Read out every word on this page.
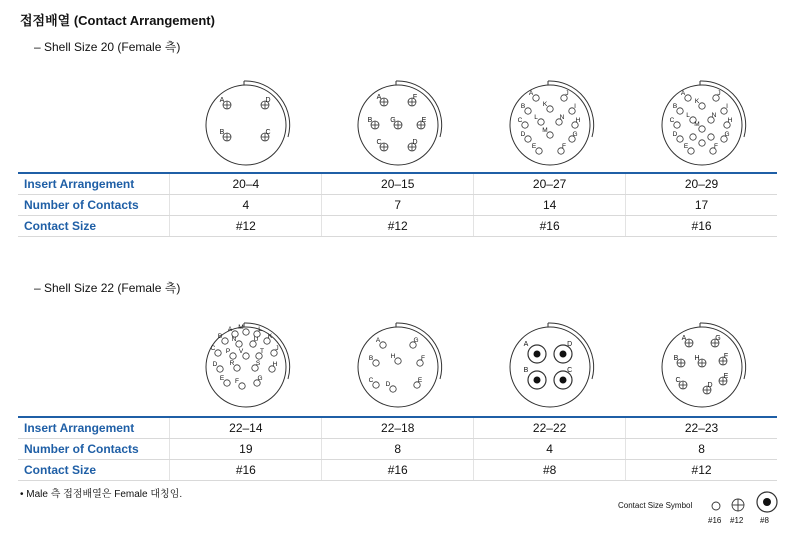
접점배열 (Contact Arrangement)
– Shell Size 20 (Female 측)
A	D
B	C
A	F
B	G	E
C	D
A	J
B	K	I
C L	N H
M
D	G
E	F
A	J
K
B	I
C
L	N
H
M
D	G
E	F
Insert Arrangement	20–4	20–15	20–27	20–29
Number of Contacts	4	7	14	17
Contact Size	#12	#12	#16	#16
– Shell Size 22 (Female 측)
A M L
B N	U K
C P V	T J
D R	S H
E F	G
A	G
B	H	F
C
D
E
A	D
B	C
A	G
B H	F
C
E
D
Insert Arrangement	22–14	22–18	22–22	22–23
Number of Contacts	19	8	4	8
Contact Size	#16	#16	#8	#12
• Male 측 접점배열은 Female 대칭임.
Contact Size Symbol
#16 #12 #8
